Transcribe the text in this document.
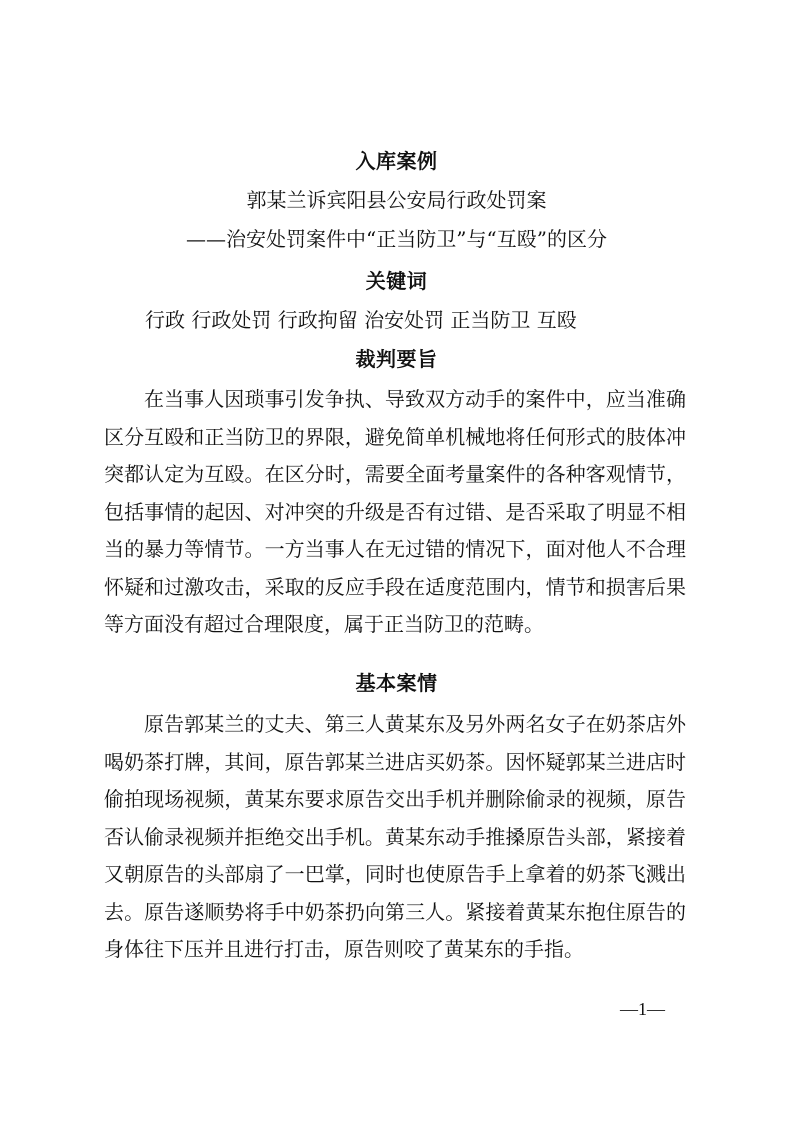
入库案例
郭某兰诉宾阳县公安局行政处罚案
——治安处罚案件中“正当防卫”与“互殴”的区分
关键词
行政 行政处罚 行政拘留 治安处罚 正当防卫 互殴
裁判要旨

在当事人因琐事引发争执、导致双方动手的案件中，应当准确区分互殴和正当防卫的界限，避免简单机械地将任何形式的肢体冲突都认定为互殴。在区分时，需要全面考量案件的各种客观情节，包括事情的起因、对冲突的升级是否有过错、是否采取了明显不相当的暴力等情节。一方当事人在无过错的情况下，面对他人不合理怀疑和过激攻击，采取的反应手段在适度范围内，情节和损害后果等方面没有超过合理限度，属于正当防卫的范畴。

基本案情

原告郭某兰的丈夫、第三人黄某东及另外两名女子在奶茶店外喝奶茶打牌，其间，原告郭某兰进店买奶茶。因怀疑郭某兰进店时偷拍现场视频，黄某东要求原告交出手机并删除偷录的视频，原告否认偷录视频并拒绝交出手机。黄某东动手推搡原告头部，紧接着又朝原告的头部扇了一巴掌，同时也使原告手上拿着的奶茶飞溅出去。原告遂顺势将手中奶茶扔向第三人。紧接着黄某东抱住原告的身体往下压并且进行打击，原告则咬了黄某东的手指。

—1—
